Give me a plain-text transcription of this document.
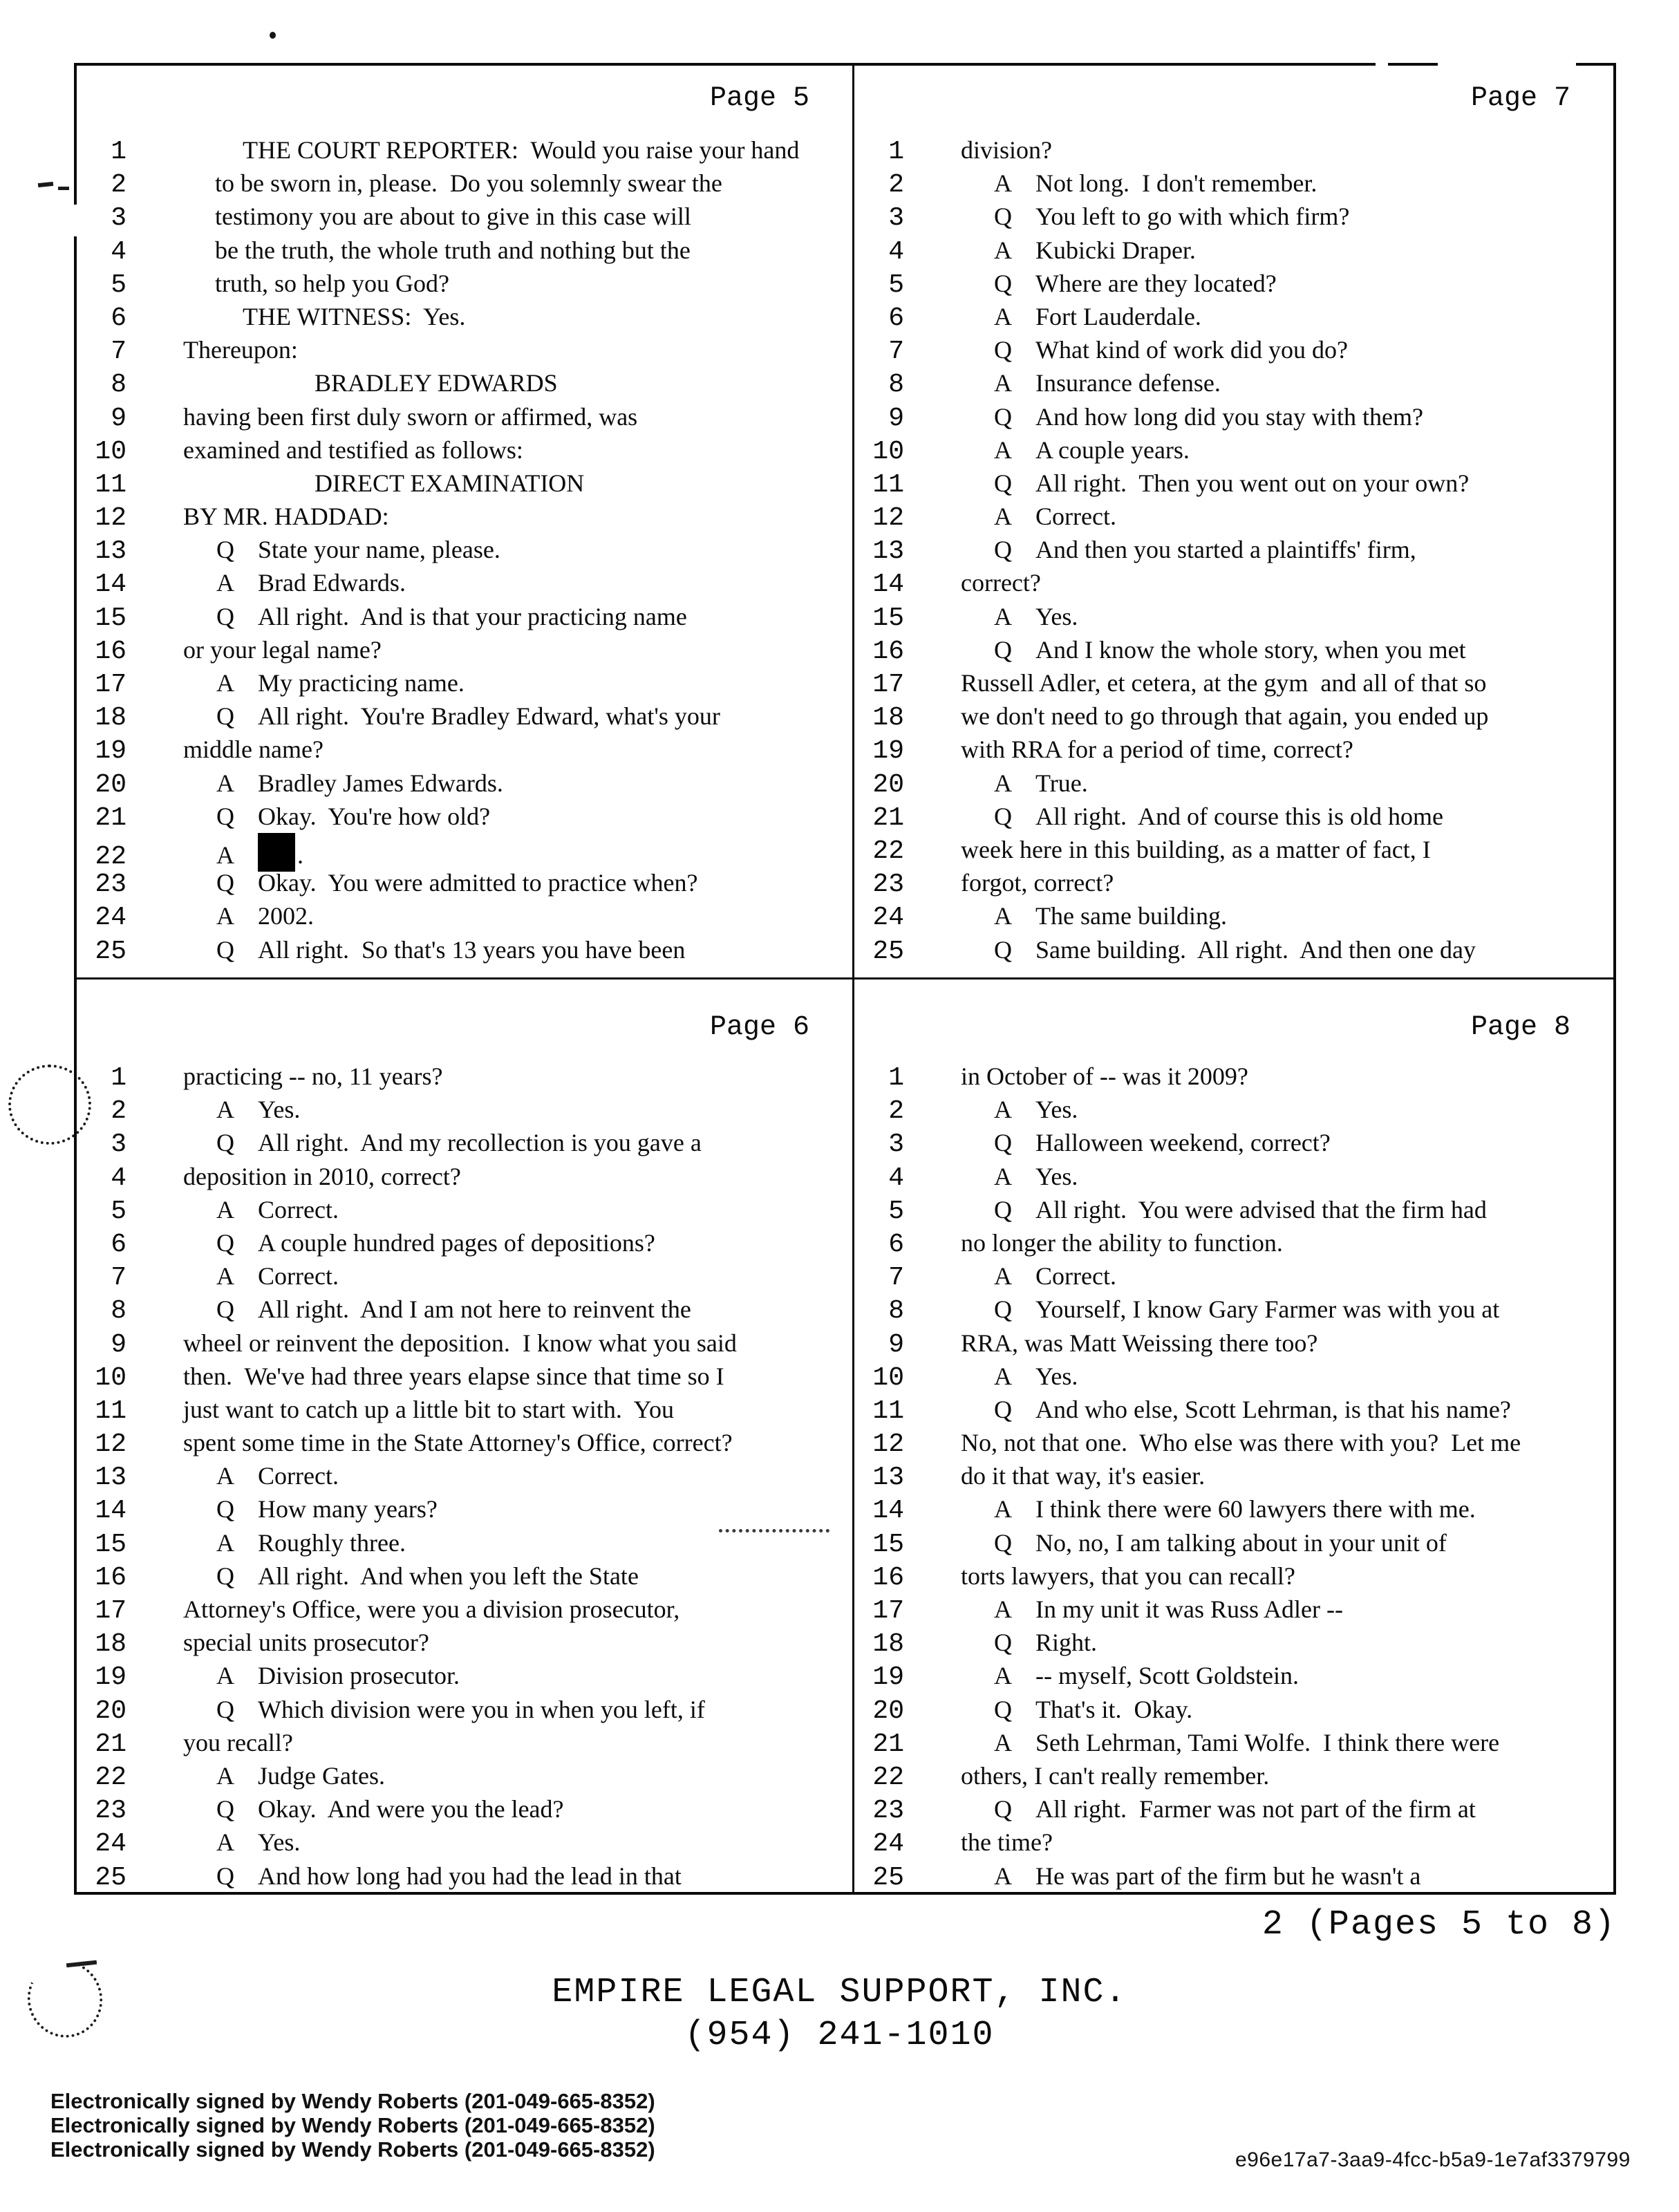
Page 5
1	THE COURT REPORTER:  Would you raise your hand
2	to be sworn in, please.  Do you solemnly swear the
3	testimony you are about to give in this case will
4	be the truth, the whole truth and nothing but the
5	truth, so help you God?
6	THE WITNESS:  Yes.
7	Thereupon:
8	BRADLEY EDWARDS
9	having been first duly sworn or affirmed, was
10	examined and testified as follows:
11	DIRECT EXAMINATION
12	BY MR. HADDAD:
13	Q State your name, please.
14	A Brad Edwards.
15	Q All right.  And is that your practicing name
16	or your legal name?
17	A My practicing name.
18	Q All right.  You're Bradley Edward, what's your
19	middle name?
20	A Bradley James Edwards.
21	Q Okay.  You're how old?
22	A	.
23	Q Okay.  You were admitted to practice when?
24	A 2002.
25	Q All right.  So that's 13 years you have been
Page 7
1	division?
2	A Not long.  I don't remember.
3	Q You left to go with which firm?
4	A Kubicki Draper.
5	Q Where are they located?
6	A Fort Lauderdale.
7	Q What kind of work did you do?
8	A Insurance defense.
9	Q And how long did you stay with them?
10	A A couple years.
11	Q All right.  Then you went out on your own?
12	A Correct.
13	Q And then you started a plaintiffs' firm,
14	correct?
15	A Yes.
16	Q And I know the whole story, when you met
17	Russell Adler, et cetera, at the gym  and all of that so
18	we don't need to go through that again, you ended up
19	with RRA for a period of time, correct?
20	A True.
21	Q All right.  And of course this is old home
22	week here in this building, as a matter of fact, I
23	forgot, correct?
24	A The same building.
25	Q Same building.  All right.  And then one day
Page 6
1	practicing -- no, 11 years?
2	A Yes.
3	Q All right.  And my recollection is you gave a
4	deposition in 2010, correct?
5	A Correct.
6	Q A couple hundred pages of depositions?
7	A Correct.
8	Q All right.  And I am not here to reinvent the
9	wheel or reinvent the deposition.  I know what you said
10	then.  We've had three years elapse since that time so I
11	just want to catch up a little bit to start with.  You
12	spent some time in the State Attorney's Office, correct?
13	A Correct.
14	Q How many years?
15	A Roughly three.
16	Q All right.  And when you left the State
17	Attorney's Office, were you a division prosecutor,
18	special units prosecutor?
19	A Division prosecutor.
20	Q Which division were you in when you left, if
21	you recall?
22	A Judge Gates.
23	Q Okay.  And were you the lead?
24	A Yes.
25	Q And how long had you had the lead in that
Page 8
1	in October of -- was it 2009?
2	A Yes.
3	Q Halloween weekend, correct?
4	A Yes.
5	Q All right.  You were advised that the firm had
6	no longer the ability to function.
7	A Correct.
8	Q Yourself, I know Gary Farmer was with you at
9	RRA, was Matt Weissing there too?
10	A Yes.
11	Q And who else, Scott Lehrman, is that his name?
12	No, not that one.  Who else was there with you?  Let me
13	do it that way, it's easier.
14	A I think there were 60 lawyers there with me.
15	Q No, no, I am talking about in your unit of
16	torts lawyers, that you can recall?
17	A In my unit it was Russ Adler --
18	Q Right.
19	A -- myself, Scott Goldstein.
20	Q That's it.  Okay.
21	A Seth Lehrman, Tami Wolfe.  I think there were
22	others, I can't really remember.
23	Q All right.  Farmer was not part of the firm at
24	the time?
25	A He was part of the firm but he wasn't a
2 (Pages 5 to 8)
EMPIRE LEGAL SUPPORT, INC.
(954) 241-1010
Electronically signed by Wendy Roberts (201-049-665-8352)
Electronically signed by Wendy Roberts (201-049-665-8352)
Electronically signed by Wendy Roberts (201-049-665-8352)	e96e17a7-3aa9-4fcc-b5a9-1e7af3379799
